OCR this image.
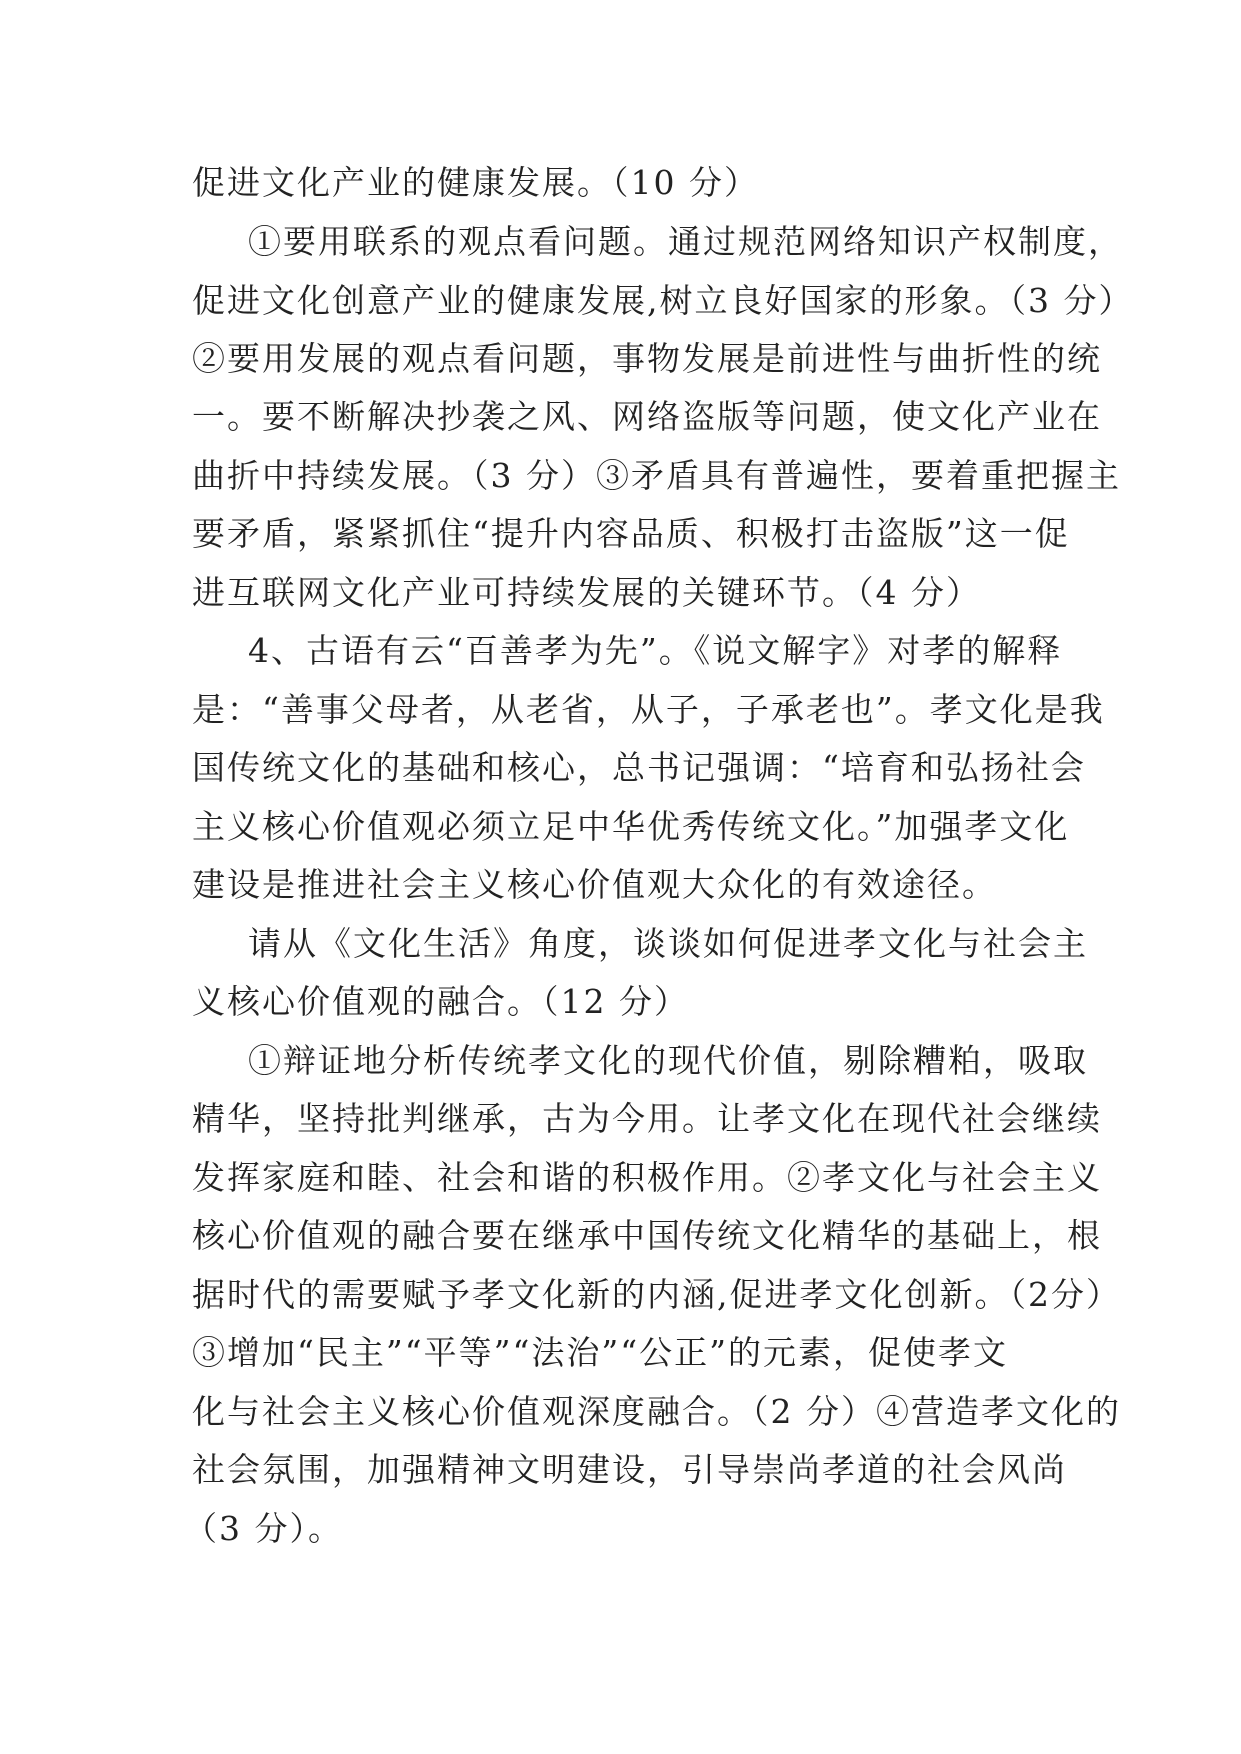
促进文化产业的健康发展。（10 分）
①要用联系的观点看问题。通过规范网络知识产权制度，
促进文化创意产业的健康发展,树立良好国家的形象。（3 分）
②要用发展的观点看问题，事物发展是前进性与曲折性的统
一。要不断解决抄袭之风、网络盗版等问题，使文化产业在
曲折中持续发展。（3 分）③矛盾具有普遍性，要着重把握主
要矛盾，紧紧抓住“提升内容品质、积极打击盗版”这一促
进互联网文化产业可持续发展的关键环节。（4 分）
4、古语有云“百善孝为先”。《说文解字》对孝的解释
是：“善事父母者，从老省，从子，子承老也”。孝文化是我
国传统文化的基础和核心，总书记强调：“培育和弘扬社会
主义核心价值观必须立足中华优秀传统文化。”加强孝文化
建设是推进社会主义核心价值观大众化的有效途径。
请从《文化生活》角度，谈谈如何促进孝文化与社会主
义核心价值观的融合。（12 分）
①辩证地分析传统孝文化的现代价值，剔除糟粕，吸取
精华，坚持批判继承，古为今用。让孝文化在现代社会继续
发挥家庭和睦、社会和谐的积极作用。②孝文化与社会主义
核心价值观的融合要在继承中国传统文化精华的基础上，根
据时代的需要赋予孝文化新的内涵,促进孝文化创新。（2分）
③增加“民主”“平等”“法治”“公正”的元素，促使孝文
化与社会主义核心价值观深度融合。（2 分）④营造孝文化的
社会氛围，加强精神文明建设，引导崇尚孝道的社会风尚
（3 分）。
